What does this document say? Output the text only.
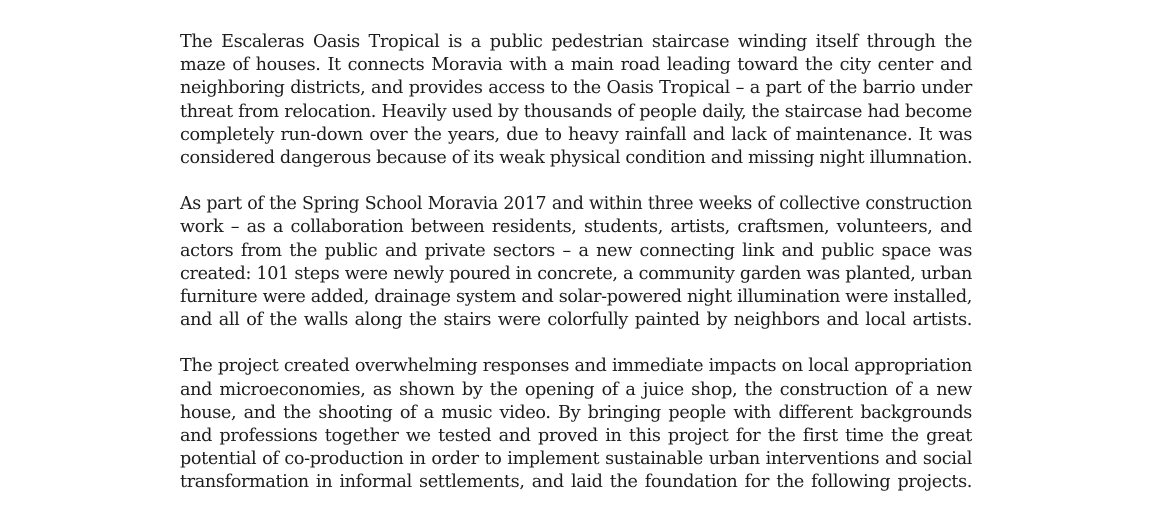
The Escaleras Oasis Tropical is a public pedestrian staircase winding itself through the
maze of houses. It connects Moravia with a main road leading toward the city center and
neighboring districts, and provides access to the Oasis Tropical – a part of the barrio under
threat from relocation. Heavily used by thousands of people daily, the staircase had become
completely run-down over the years, due to heavy rainfall and lack of maintenance. It was
considered dangerous because of its weak physical condition and missing night illumnation.

As part of the Spring School Moravia 2017 and within three weeks of collective construction
work – as a collaboration between residents, students, artists, craftsmen, volunteers, and
actors from the public and private sectors – a new connecting link and public space was
created: 101 steps were newly poured in concrete, a community garden was planted, urban
furniture were added, drainage system and solar-powered night illumination were installed,
and all of the walls along the stairs were colorfully painted by neighbors and local artists.

The project created overwhelming responses and immediate impacts on local appropriation
and microeconomies, as shown by the opening of a juice shop, the construction of a new
house, and the shooting of a music video. By bringing people with different backgrounds
and professions together we tested and proved in this project for the first time the great
potential of co-production in order to implement sustainable urban interventions and social
transformation in informal settlements, and laid the foundation for the following projects.
